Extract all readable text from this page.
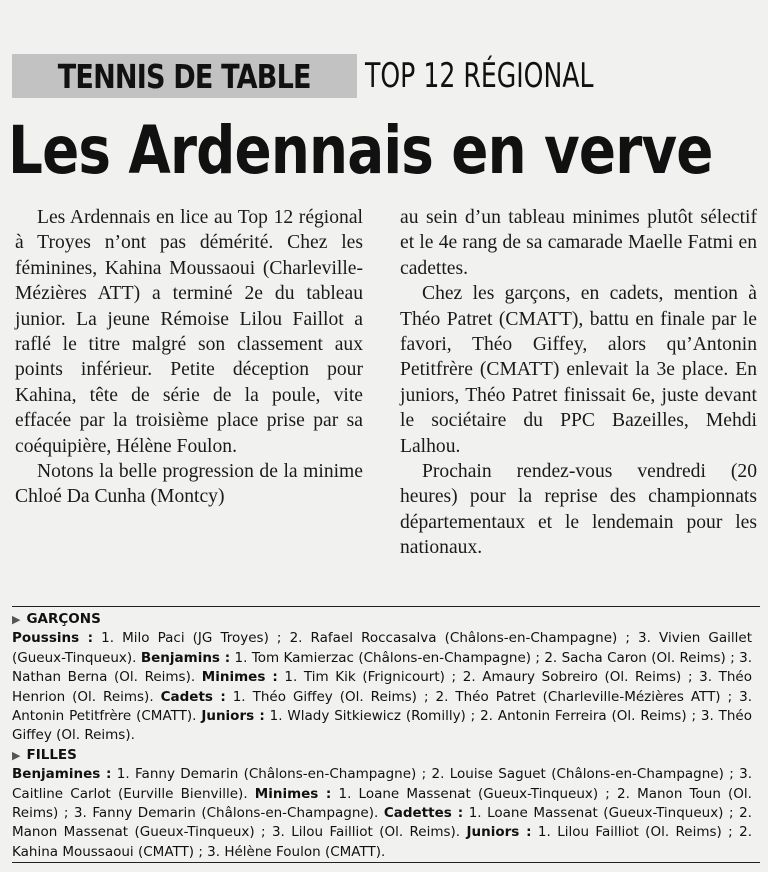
TENNIS DE TABLE TOP 12 RÉGIONAL
Les Ardennais en verve

Les Ardennais en lice au Top 12 régional à Troyes n’ont pas démérité. Chez les féminines, Kahina Moussaoui (Charleville-Mézières ATT) a terminé 2e du tableau junior. La jeune Rémoise Lilou Faillot a raflé le titre malgré son classement aux points inférieur. Petite déception pour Kahina, tête de série de la poule, vite effacée par la troisième place prise par sa coéquipière, Hélène Foulon.

Notons la belle progression de la minime Chloé Da Cunha (Montcy)

au sein d’un tableau minimes plutôt sélectif et le 4e rang de sa camarade Maelle Fatmi en cadettes.

Chez les garçons, en cadets, mention à Théo Patret (CMATT), battu en finale par le favori, Théo Giffey, alors qu’Antonin Petitfrère (CMATT) enlevait la 3e place. En juniors, Théo Patret finissait 6e, juste devant le sociétaire du PPC Bazeilles, Mehdi Lalhou.

Prochain rendez-vous vendredi (20 heures) pour la reprise des championnats départementaux et le lendemain pour les nationaux.

▶ GARÇONS

Poussins : 1. Milo Paci (JG Troyes) ; 2. Rafael Roccasalva (Châlons-en-Champagne) ; 3. Vivien Gaillet (Gueux-Tinqueux). Benjamins : 1. Tom Kamierzac (Châlons-en-Champagne) ; 2. Sacha Caron (Ol. Reims) ; 3. Nathan Berna (Ol. Reims). Minimes : 1. Tim Kik (Frignicourt) ; 2. Amaury Sobreiro (Ol. Reims) ; 3. Théo Henrion (Ol. Reims). Cadets : 1. Théo Giffey (Ol. Reims) ; 2. Théo Patret (Charleville-Mézières ATT) ; 3. Antonin Petitfrère (CMATT). Juniors : 1. Wlady Sitkiewicz (Romilly) ; 2. Antonin Ferreira (Ol. Reims) ; 3. Théo Giffey (Ol. Reims).

▶ FILLES

Benjamines : 1. Fanny Demarin (Châlons-en-Champagne) ; 2. Louise Saguet (Châlons-en-Champagne) ; 3. Caitline Carlot (Eurville Bienville). Minimes : 1. Loane Massenat (Gueux-Tinqueux) ; 2. Manon Toun (Ol. Reims) ; 3. Fanny Demarin (Châlons-en-Champagne). Cadettes : 1. Loane Massenat (Gueux-Tinqueux) ; 2. Manon Massenat (Gueux-Tinqueux) ; 3. Lilou Failliot (Ol. Reims). Juniors : 1. Lilou Failliot (Ol. Reims) ; 2. Kahina Moussaoui (CMATT) ; 3. Hélène Foulon (CMATT).
